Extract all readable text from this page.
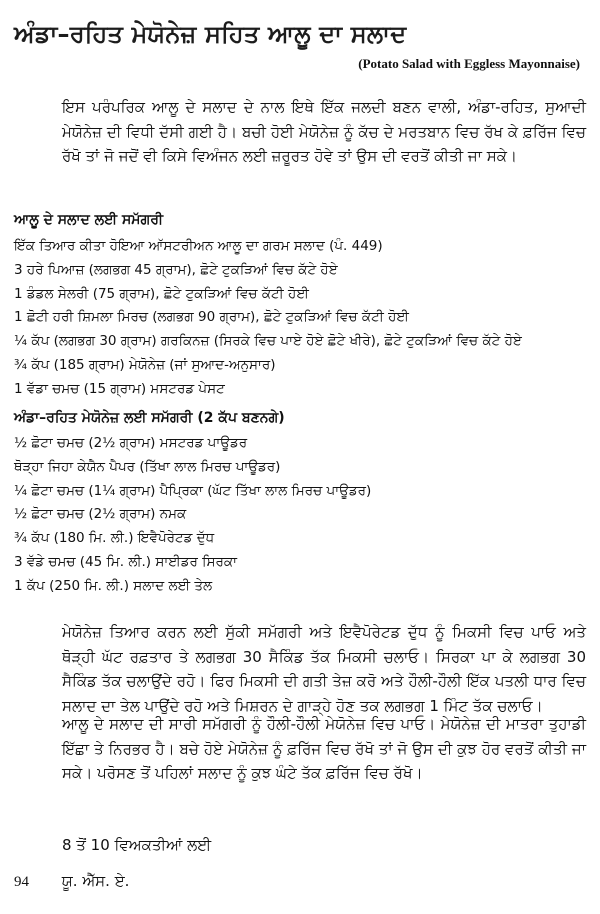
ਅੰਡਾ–ਰਹਿਤ ਮੇਯੋਨੇਜ਼ ਸਹਿਤ ਆਲੂ ਦਾ ਸਲਾਦ
(Potato Salad with Eggless Mayonnaise)
ਇਸ ਪਰੰਪਰਿਕ ਆਲੂ ਦੇ ਸਲਾਦ ਦੇ ਨਾਲ ਇਥੇ ਇੱਕ ਜਲਦੀ ਬਣਨ ਵਾਲੀ, ਅੰਡਾ-ਰਹਿਤ, ਸੁਆਦੀ ਮੇਯੋਨੇਜ਼ ਦੀ ਵਿਧੀ ਦੱਸੀ ਗਈ ਹੈ। ਬਚੀ ਹੋਈ ਮੇਯੋਨੇਜ਼ ਨੂੰ ਕੱਚ ਦੇ ਮਰਤਬਾਨ ਵਿਚ ਰੱਖ ਕੇ ਫ਼ਰਿੱਜ ਵਿਚ ਰੱਖੋ ਤਾਂ ਜੋ ਜਦੋਂ ਵੀ ਕਿਸੇ ਵਿਅੰਜਨ ਲਈ ਜ਼ਰੂਰਤ ਹੋਵੇ ਤਾਂ ਉਸ ਦੀ ਵਰਤੋਂ ਕੀਤੀ ਜਾ ਸਕੇ।
ਆਲੂ ਦੇ ਸਲਾਦ ਲਈ ਸਮੱਗਰੀ
ਇੱਕ ਤਿਆਰ ਕੀਤਾ ਹੋਇਆ ਆੱਸਟਰੀਅਨ ਆਲੂ ਦਾ ਗਰਮ ਸਲਾਦ (ਪੰ. 449)
3 ਹਰੇ ਪਿਆਜ਼ (ਲਗਭਗ 45 ਗ੍ਰਾਮ), ਛੋਟੇ ਟੁਕੜਿਆਂ ਵਿਚ ਕੱਟੇ ਹੋਏ
1 ਡੰਡਲ ਸੇਲਰੀ (75 ਗ੍ਰਾਮ), ਛੋਟੇ ਟੁਕੜਿਆਂ ਵਿਚ ਕੱਟੀ ਹੋਈ
1 ਛੋਟੀ ਹਰੀ ਸ਼ਿਮਲਾ ਮਿਰਚ (ਲਗਭਗ 90 ਗ੍ਰਾਮ), ਛੋਟੇ ਟੁਕੜਿਆਂ ਵਿਚ ਕੱਟੀ ਹੋਈ
¼ ਕੱਪ (ਲਗਭਗ 30 ਗ੍ਰਾਮ) ਗਰਕਿਨਜ਼ (ਸਿਰਕੇ ਵਿਚ ਪਾਏ ਹੋਏ ਛੋਟੇ ਖੀਰੇ), ਛੋਟੇ ਟੁਕੜਿਆਂ ਵਿਚ ਕੱਟੇ ਹੋਏ
¾ ਕੱਪ (185 ਗ੍ਰਾਮ) ਮੇਯੋਨੇਜ਼ (ਜਾਂ ਸੁਆਦ-ਅਨੁਸਾਰ)
1 ਵੱਡਾ ਚਮਚ (15 ਗ੍ਰਾਮ) ਮਸਟਰਡ ਪੇਸਟ
ਅੰਡਾ–ਰਹਿਤ ਮੇਯੋਨੇਜ਼ ਲਈ ਸਮੱਗਰੀ (2 ਕੱਪ ਬਣਨਗੇ)
½ ਛੋਟਾ ਚਮਚ (2½ ਗ੍ਰਾਮ) ਮਸਟਰਡ ਪਾਊਡਰ
ਥੋੜ੍ਹਾ ਜਿਹਾ ਕੇਯੈਨ ਪੈਪਰ (ਤਿੱਖਾ ਲਾਲ ਮਿਰਚ ਪਾਊਡਰ)
¼ ਛੋਟਾ ਚਮਚ (1¼ ਗ੍ਰਾਮ) ਪੈਪ੍ਰਿਕਾ (ਘੱਟ ਤਿੱਖਾ ਲਾਲ ਮਿਰਚ ਪਾਊਡਰ)
½ ਛੋਟਾ ਚਮਚ (2½ ਗ੍ਰਾਮ) ਨਮਕ
¾ ਕੱਪ (180 ਮਿ. ਲੀ.) ਇਵੈਪੋਰੇਟਡ ਦੁੱਧ
3 ਵੱਡੇ ਚਮਚ (45 ਮਿ. ਲੀ.) ਸਾਈਡਰ ਸਿਰਕਾ
1 ਕੱਪ (250 ਮਿ. ਲੀ.) ਸਲਾਦ ਲਈ ਤੇਲ
ਮੇਯੋਨੇਜ਼ ਤਿਆਰ ਕਰਨ ਲਈ ਸੁੱਕੀ ਸਮੱਗਰੀ ਅਤੇ ਇਵੈਪੋਰੇਟਡ ਦੁੱਧ ਨੂੰ ਮਿਕਸੀ ਵਿਚ ਪਾਓ ਅਤੇ ਥੋੜ੍ਹੀ ਘੱਟ ਰਫ਼ਤਾਰ ਤੇ ਲਗਭਗ 30 ਸੈਕਿੰਡ ਤੱਕ ਮਿਕਸੀ ਚਲਾਓ। ਸਿਰਕਾ ਪਾ ਕੇ ਲਗਭਗ 30 ਸੈਕਿੰਡ ਤੱਕ ਚਲਾਉਂਦੇ ਰਹੋ। ਫਿਰ ਮਿਕਸੀ ਦੀ ਗਤੀ ਤੇਜ਼ ਕਰੋ ਅਤੇ ਹੌਲੀ-ਹੌਲੀ ਇੱਕ ਪਤਲੀ ਧਾਰ ਵਿਚ ਸਲਾਦ ਦਾ ਤੇਲ ਪਾਉਂਦੇ ਰਹੋ ਅਤੇ ਮਿਸ਼ਰਨ ਦੇ ਗਾੜ੍ਹੇ ਹੋਣ ਤਕ ਲਗਭਗ 1 ਮਿੰਟ ਤੱਕ ਚਲਾਓ।
ਆਲੂ ਦੇ ਸਲਾਦ ਦੀ ਸਾਰੀ ਸਮੱਗਰੀ ਨੂੰ ਹੌਲੀ-ਹੌਲੀ ਮੇਯੋਨੇਜ਼ ਵਿਚ ਪਾਓ। ਮੇਯੋਨੇਜ਼ ਦੀ ਮਾਤਰਾ ਤੁਹਾਡੀ ਇੱਛਾ ਤੇ ਨਿਰਭਰ ਹੈ। ਬਚੇ ਹੋਏ ਮੇਯੋਨੇਜ਼ ਨੂੰ ਫ਼ਰਿੱਜ ਵਿਚ ਰੱਖੋ ਤਾਂ ਜੋ ਉਸ ਦੀ ਕੁਝ ਹੋਰ ਵਰਤੋਂ ਕੀਤੀ ਜਾ ਸਕੇ। ਪਰੋਸਣ ਤੋਂ ਪਹਿਲਾਂ ਸਲਾਦ ਨੂੰ ਕੁਝ ਘੰਟੇ ਤੱਕ ਫ਼ਰਿੱਜ ਵਿਚ ਰੱਖੋ।
8 ਤੋਂ 10 ਵਿਅਕਤੀਆਂ ਲਈ
94 ਯੂ. ਐੱਸ. ਏ.
